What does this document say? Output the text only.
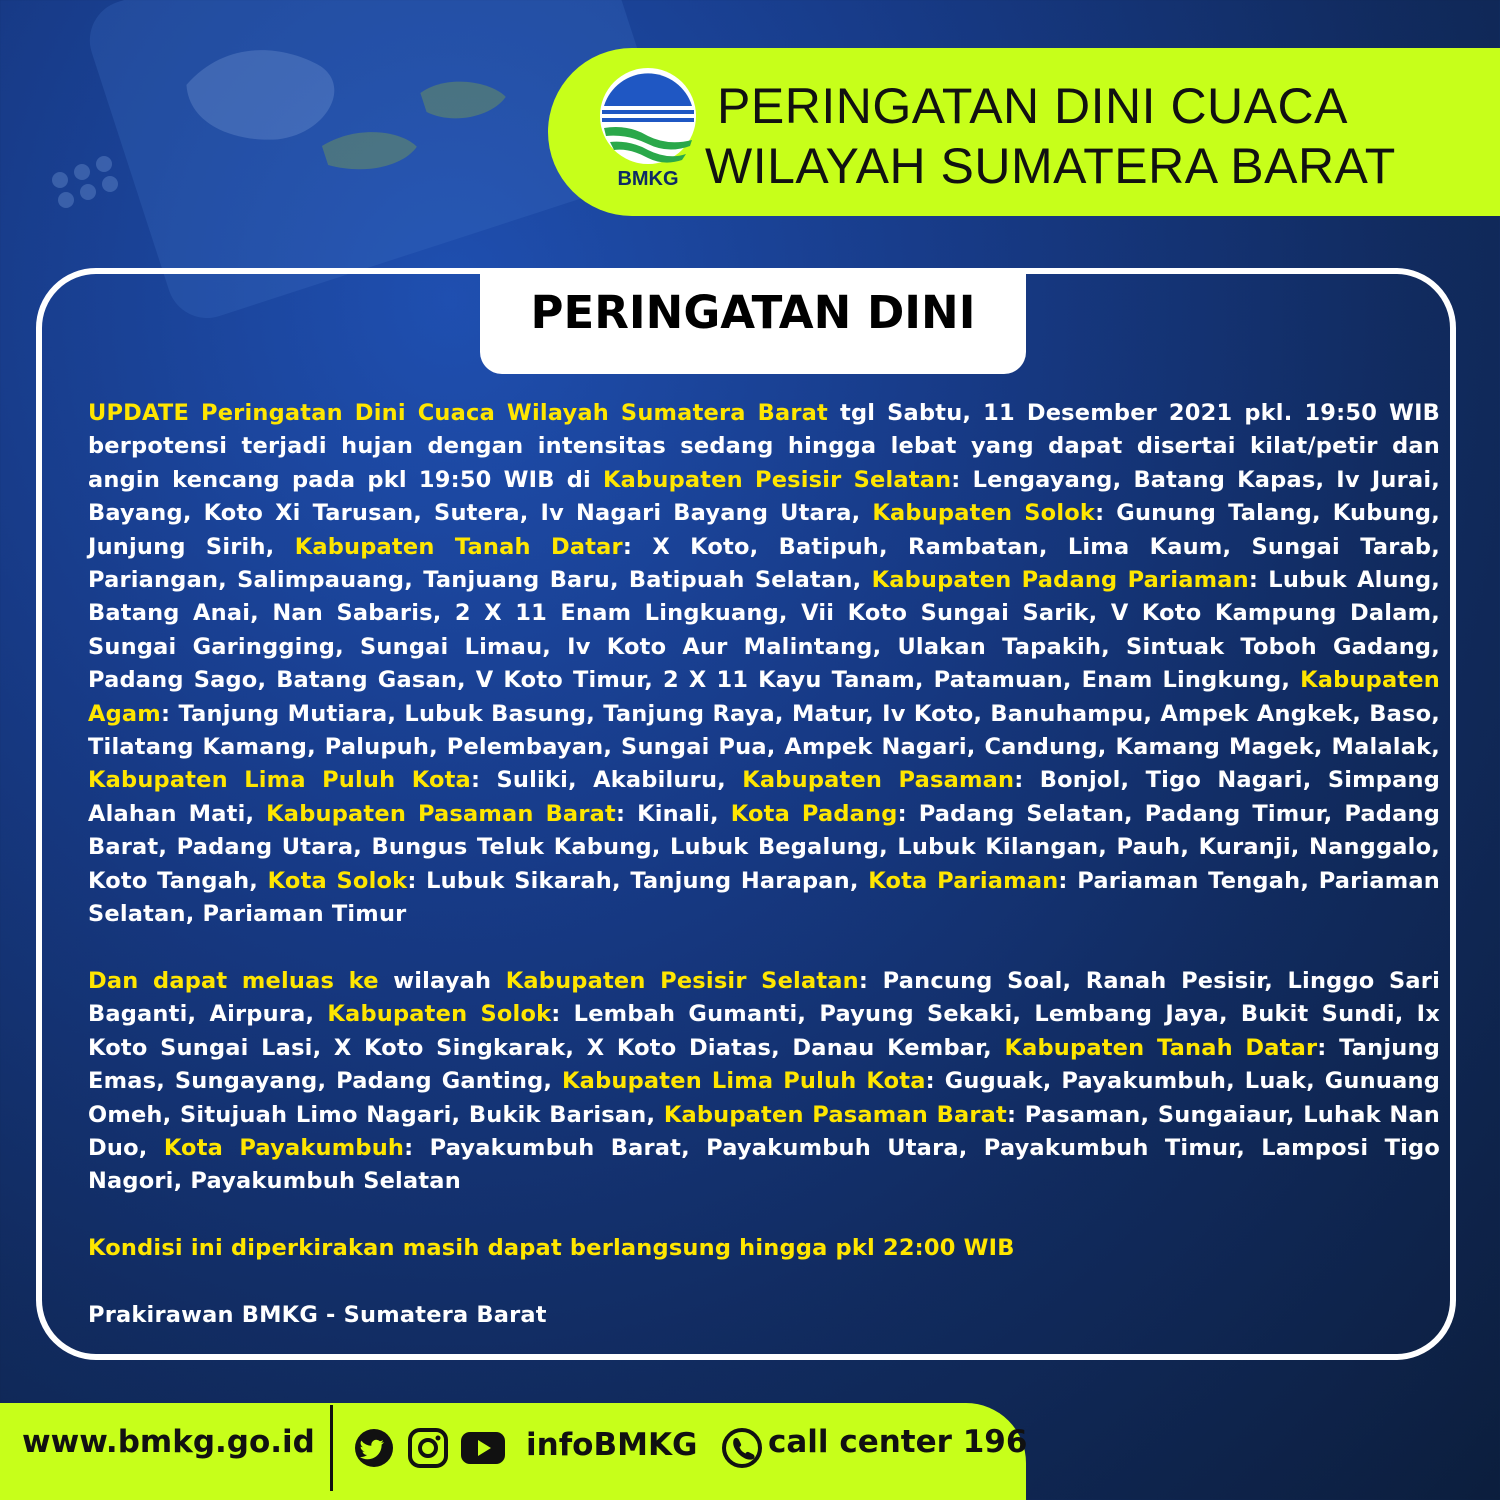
BMKG
PERINGATAN DINI CUACA
WILAYAH SUMATERA BARAT
PERINGATAN DINI

UPDATE Peringatan Dini Cuaca Wilayah Sumatera Barat tgl Sabtu, 11 Desember 2021 pkl. 19:50 WIB berpotensi terjadi hujan dengan intensitas sedang hingga lebat yang dapat disertai kilat/petir dan angin kencang pada pkl 19:50 WIB di Kabupaten Pesisir Selatan: Lengayang, Batang Kapas, Iv Jurai, Bayang, Koto Xi Tarusan, Sutera, Iv Nagari Bayang Utara, Kabupaten Solok: Gunung Talang, Kubung, Junjung Sirih, Kabupaten Tanah Datar: X Koto, Batipuh, Rambatan, Lima Kaum, Sungai Tarab, Pariangan, Salimpauang, Tanjuang Baru, Batipuah Selatan, Kabupaten Padang Pariaman: Lubuk Alung, Batang Anai, Nan Sabaris, 2 X 11 Enam Lingkuang, Vii Koto Sungai Sarik, V Koto Kampung Dalam, Sungai Garingging, Sungai Limau, Iv Koto Aur Malintang, Ulakan Tapakih, Sintuak Toboh Gadang, Padang Sago, Batang Gasan, V Koto Timur, 2 X 11 Kayu Tanam, Patamuan, Enam Lingkung, Kabupaten Agam: Tanjung Mutiara, Lubuk Basung, Tanjung Raya, Matur, Iv Koto, Banuhampu, Ampek Angkek, Baso, Tilatang Kamang, Palupuh, Pelembayan, Sungai Pua, Ampek Nagari, Candung, Kamang Magek, Malalak, Kabupaten Lima Puluh Kota: Suliki, Akabiluru, Kabupaten Pasaman: Bonjol, Tigo Nagari, Simpang Alahan Mati, Kabupaten Pasaman Barat: Kinali, Kota Padang: Padang Selatan, Padang Timur, Padang Barat, Padang Utara, Bungus Teluk Kabung, Lubuk Begalung, Lubuk Kilangan, Pauh, Kuranji, Nanggalo, Koto Tangah, Kota Solok: Lubuk Sikarah, Tanjung Harapan, Kota Pariaman: Pariaman Tengah, Pariaman Selatan, Pariaman Timur

Dan dapat meluas ke wilayah Kabupaten Pesisir Selatan: Pancung Soal, Ranah Pesisir, Linggo Sari Baganti, Airpura, Kabupaten Solok: Lembah Gumanti, Payung Sekaki, Lembang Jaya, Bukit Sundi, Ix Koto Sungai Lasi, X Koto Singkarak, X Koto Diatas, Danau Kembar, Kabupaten Tanah Datar: Tanjung Emas, Sungayang, Padang Ganting, Kabupaten Lima Puluh Kota: Guguak, Payakumbuh, Luak, Gunuang Omeh, Situjuah Limo Nagari, Bukik Barisan, Kabupaten Pasaman Barat: Pasaman, Sungaiaur, Luhak Nan Duo, Kota Payakumbuh: Payakumbuh Barat, Payakumbuh Utara, Payakumbuh Timur, Lamposi Tigo Nagori, Payakumbuh Selatan

Kondisi ini diperkirakan masih dapat berlangsung hingga pkl 22:00 WIB

Prakirawan BMKG - Sumatera Barat

www.bmkg.go.id	infoBMKG call center 196
